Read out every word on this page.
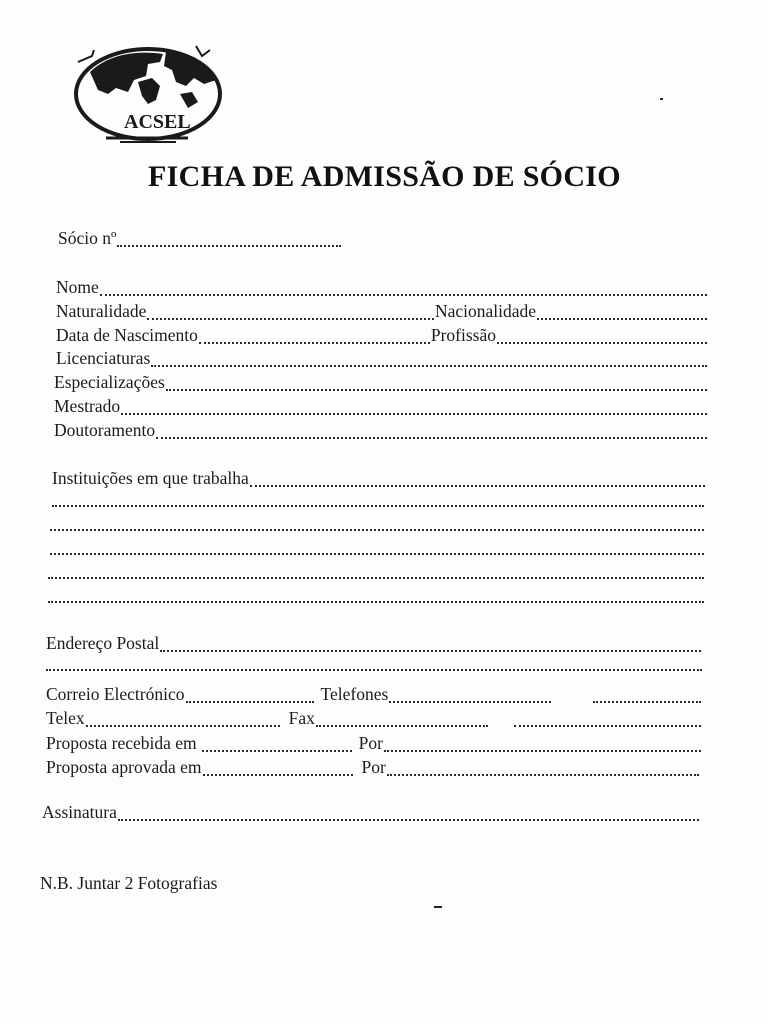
ACSEL
FICHA DE ADMISSÃO DE SÓCIO
Sócio nº
Nome
Naturalidade	Nacionalidade
Data de Nascimento	Profissão
Licenciaturas
Especializações
Mestrado
Doutoramento
Instituições em que trabalha
Endereço Postal
Correio Electrónico	Telefones
Telex	Fax
Proposta recebida em	Por
Proposta aprovada em	Por
Assinatura
N.B. Juntar 2 Fotografias
